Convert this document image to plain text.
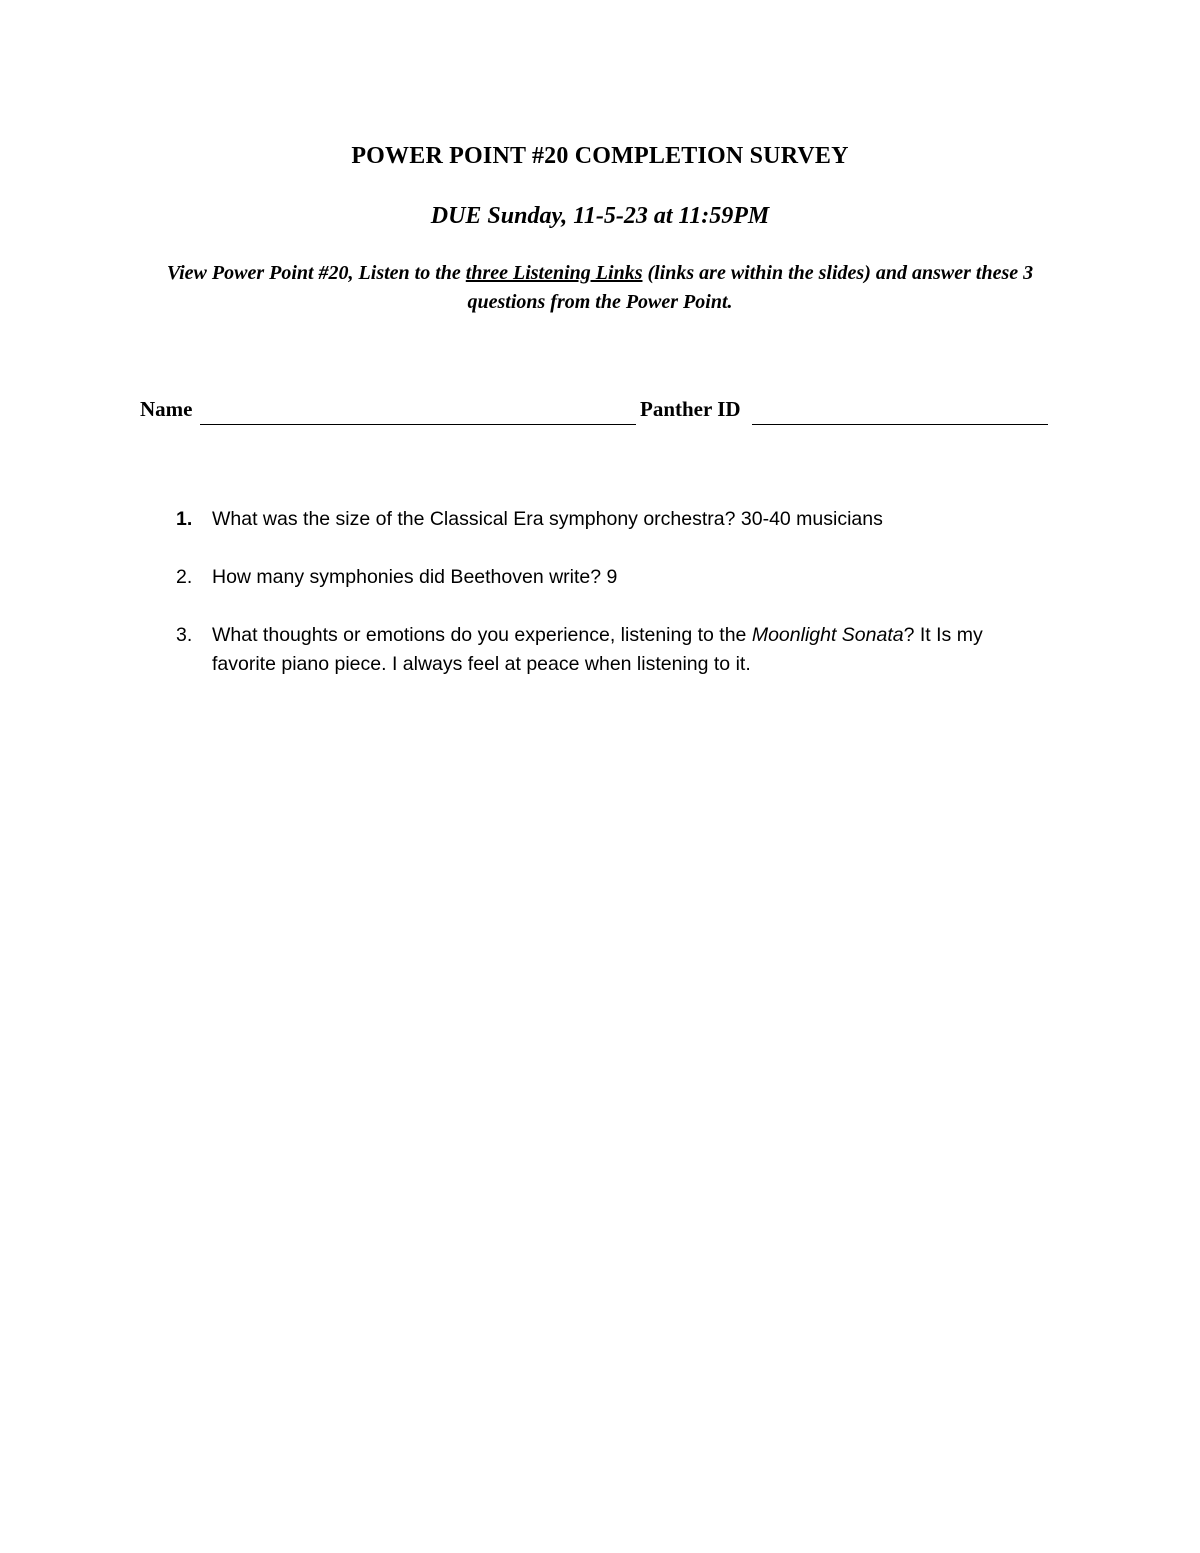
POWER POINT #20 COMPLETION SURVEY
DUE Sunday, 11-5-23 at 11:59PM
View Power Point #20, Listen to the three Listening Links (links are within the slides) and answer these 3 questions from the Power Point.
Name	Panther ID
1. What was the size of the Classical Era symphony orchestra? 30-40 musicians
2. How many symphonies did Beethoven write? 9
3. What thoughts or emotions do you experience, listening to the Moonlight Sonata? It Is my favorite piano piece. I always feel at peace when listening to it.
